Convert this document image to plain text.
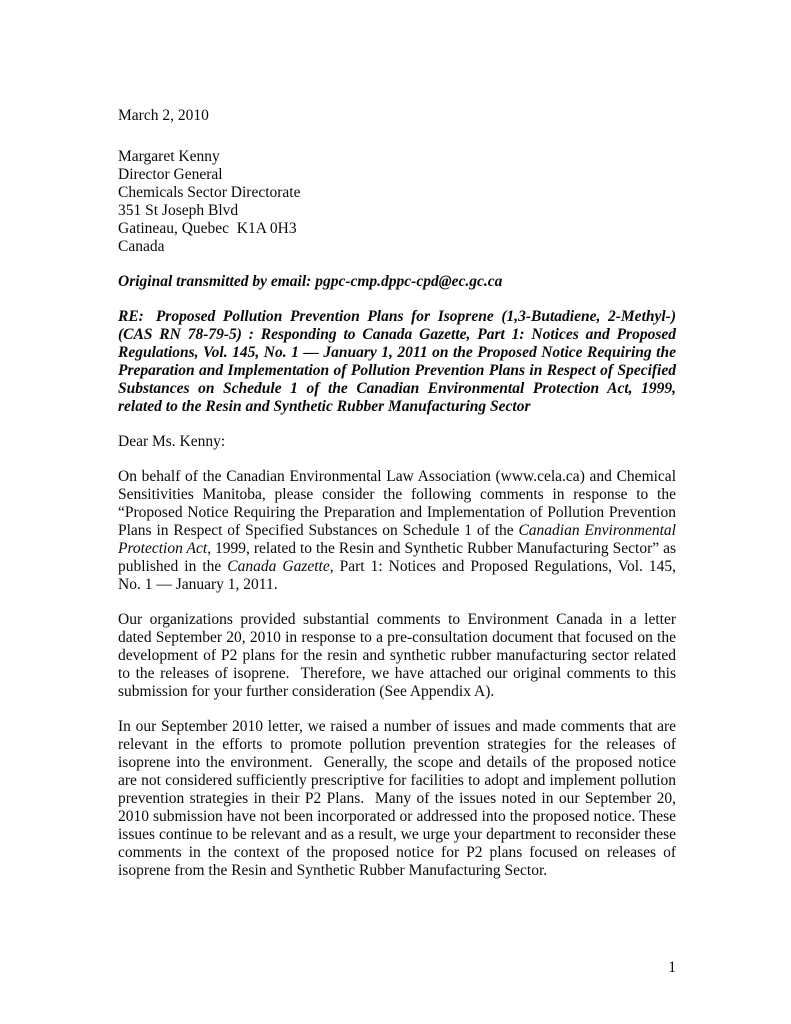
March 2, 2010

Margaret Kenny

Director General

Chemicals Sector Directorate

351 St Joseph Blvd

Gatineau, Quebec  K1A 0H3

Canada

Original transmitted by email: pgpc-cmp.dppc-cpd@ec.gc.ca

RE: Proposed Pollution Prevention Plans for Isoprene (1,3-Butadiene, 2-Methyl-) (CAS RN 78-79-5) : Responding to Canada Gazette, Part 1: Notices and Proposed Regulations, Vol. 145, No. 1 — January 1, 2011 on the Proposed Notice Requiring the Preparation and Implementation of Pollution Prevention Plans in Respect of Specified Substances on Schedule 1 of the Canadian Environmental Protection Act, 1999, related to the Resin and Synthetic Rubber Manufacturing Sector

Dear Ms. Kenny:

On behalf of the Canadian Environmental Law Association (www.cela.ca) and Chemical Sensitivities Manitoba, please consider the following comments in response to the “Proposed Notice Requiring the Preparation and Implementation of Pollution Prevention Plans in Respect of Specified Substances on Schedule 1 of the Canadian Environmental Protection Act, 1999, related to the Resin and Synthetic Rubber Manufacturing Sector” as published in the Canada Gazette, Part 1: Notices and Proposed Regulations, Vol. 145, No. 1 — January 1, 2011.

Our organizations provided substantial comments to Environment Canada in a letter dated September 20, 2010 in response to a pre-consultation document that focused on the development of P2 plans for the resin and synthetic rubber manufacturing sector related to the releases of isoprene.  Therefore, we have attached our original comments to this submission for your further consideration (See Appendix A).

In our September 2010 letter, we raised a number of issues and made comments that are relevant in the efforts to promote pollution prevention strategies for the releases of isoprene into the environment.  Generally, the scope and details of the proposed notice are not considered sufficiently prescriptive for facilities to adopt and implement pollution prevention strategies in their P2 Plans.  Many of the issues noted in our September 20, 2010 submission have not been incorporated or addressed into the proposed notice. These issues continue to be relevant and as a result, we urge your department to reconsider these comments in the context of the proposed notice for P2 plans focused on releases of isoprene from the Resin and Synthetic Rubber Manufacturing Sector.

1
